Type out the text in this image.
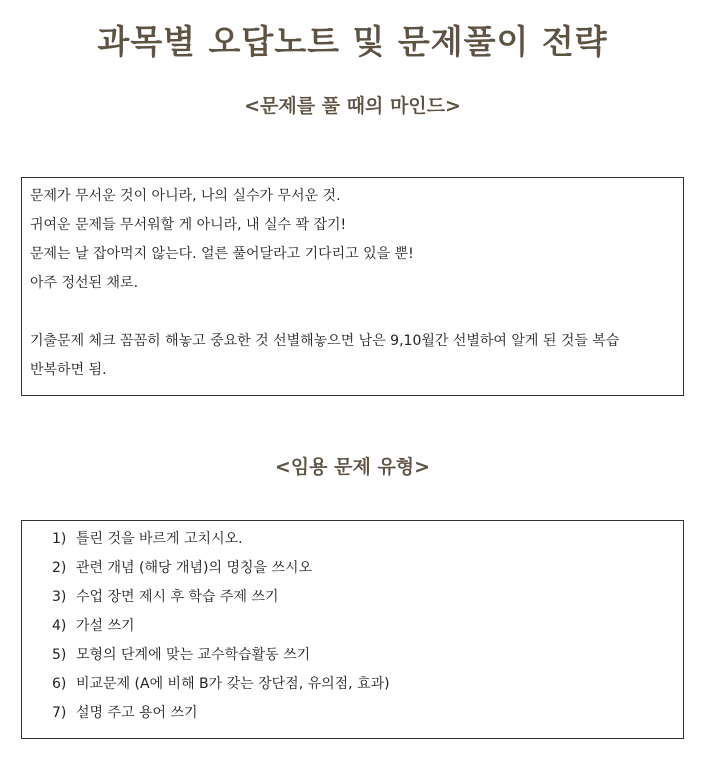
과목별 오답노트 및 문제풀이 전략
<문제를 풀 때의 마인드>
문제가 무서운 것이 아니라, 나의 실수가 무서운 것.
귀여운 문제들 무서워할 게 아니라, 내 실수 꽉 잡기!
문제는 날 잡아먹지 않는다. 얼른 풀어달라고 기다리고 있을 뿐!
아주 정선된 채로.
기출문제 체크 꼼꼼히 해놓고 중요한 것 선별해놓으면 남은 9,10월간 선별하여 알게 된 것들 복습 반복하면 됨.
<임용 문제 유형>
1) 틀린 것을 바르게 고치시오.
2) 관련 개념 (해당 개념)의 명칭을 쓰시오
3) 수업 장면 제시 후 학습 주제 쓰기
4) 가설 쓰기
5) 모형의 단계에 맞는 교수학습활동 쓰기
6) 비교문제 (A에 비해 B가 갖는 장단점, 유의점, 효과)
7) 설명 주고 용어 쓰기
